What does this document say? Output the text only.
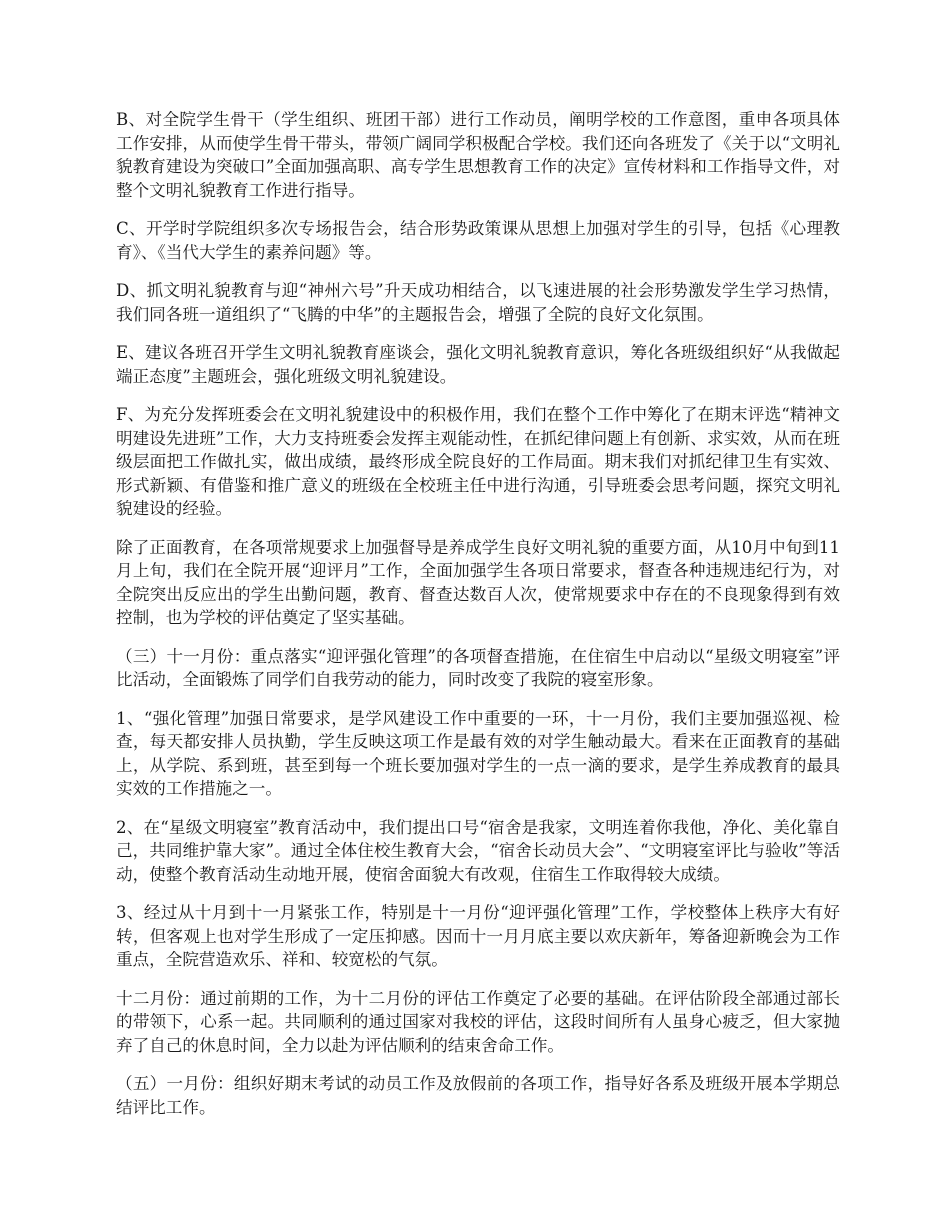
B、对全院学生骨干（学生组织、班团干部）进行工作动员，阐明学校的工作意图，重申各项具体工作安排，从而使学生骨干带头，带领广阔同学积极配合学校。我们还向各班发了《关于以“文明礼貌教育建设为突破口”全面加强高职、高专学生思想教育工作的决定》宣传材料和工作指导文件，对整个文明礼貌教育工作进行指导。

C、开学时学院组织多次专场报告会，结合形势政策课从思想上加强对学生的引导，包括《心理教育》、《当代大学生的素养问题》等。

D、抓文明礼貌教育与迎“神州六号”升天成功相结合，以飞速进展的社会形势激发学生学习热情，我们同各班一道组织了“飞腾的中华”的主题报告会，增强了全院的良好文化氛围。

E、建议各班召开学生文明礼貌教育座谈会，强化文明礼貌教育意识，筹化各班级组织好“从我做起端正态度”主题班会，强化班级文明礼貌建设。

F、为充分发挥班委会在文明礼貌建设中的积极作用，我们在整个工作中筹化了在期末评选“精神文明建设先进班”工作，大力支持班委会发挥主观能动性，在抓纪律问题上有创新、求实效，从而在班级层面把工作做扎实，做出成绩，最终形成全院良好的工作局面。期末我们对抓纪律卫生有实效、形式新颖、有借鉴和推广意义的班级在全校班主任中进行沟通，引导班委会思考问题，探究文明礼貌建设的经验。

除了正面教育，在各项常规要求上加强督导是养成学生良好文明礼貌的重要方面，从10月中旬到11月上旬，我们在全院开展“迎评月”工作，全面加强学生各项日常要求，督查各种违规违纪行为，对全院突出反应出的学生出勤问题，教育、督查达数百人次，使常规要求中存在的不良现象得到有效控制，也为学校的评估奠定了坚实基础。

（三）十一月份：重点落实“迎评强化管理”的各项督查措施，在住宿生中启动以“星级文明寝室”评比活动，全面锻炼了同学们自我劳动的能力，同时改变了我院的寝室形象。

1、“强化管理”加强日常要求，是学风建设工作中重要的一环，十一月份，我们主要加强巡视、检查，每天都安排人员执勤，学生反映这项工作是最有效的对学生触动最大。看来在正面教育的基础上，从学院、系到班，甚至到每一个班长要加强对学生的一点一滴的要求，是学生养成教育的最具实效的工作措施之一。

2、在“星级文明寝室”教育活动中，我们提出口号“宿舍是我家，文明连着你我他，净化、美化靠自己，共同维护靠大家”。通过全体住校生教育大会，“宿舍长动员大会”、“文明寝室评比与验收”等活动，使整个教育活动生动地开展，使宿舍面貌大有改观，住宿生工作取得较大成绩。

3、经过从十月到十一月紧张工作，特别是十一月份“迎评强化管理”工作，学校整体上秩序大有好转，但客观上也对学生形成了一定压抑感。因而十一月月底主要以欢庆新年，筹备迎新晚会为工作重点，全院营造欢乐、祥和、较宽松的气氛。

十二月份：通过前期的工作，为十二月份的评估工作奠定了必要的基础。在评估阶段全部通过部长的带领下，心系一起。共同顺利的通过国家对我校的评估，这段时间所有人虽身心疲乏，但大家抛弃了自己的休息时间，全力以赴为评估顺利的结束舍命工作。

（五）一月份：组织好期末考试的动员工作及放假前的各项工作，指导好各系及班级开展本学期总结评比工作。
